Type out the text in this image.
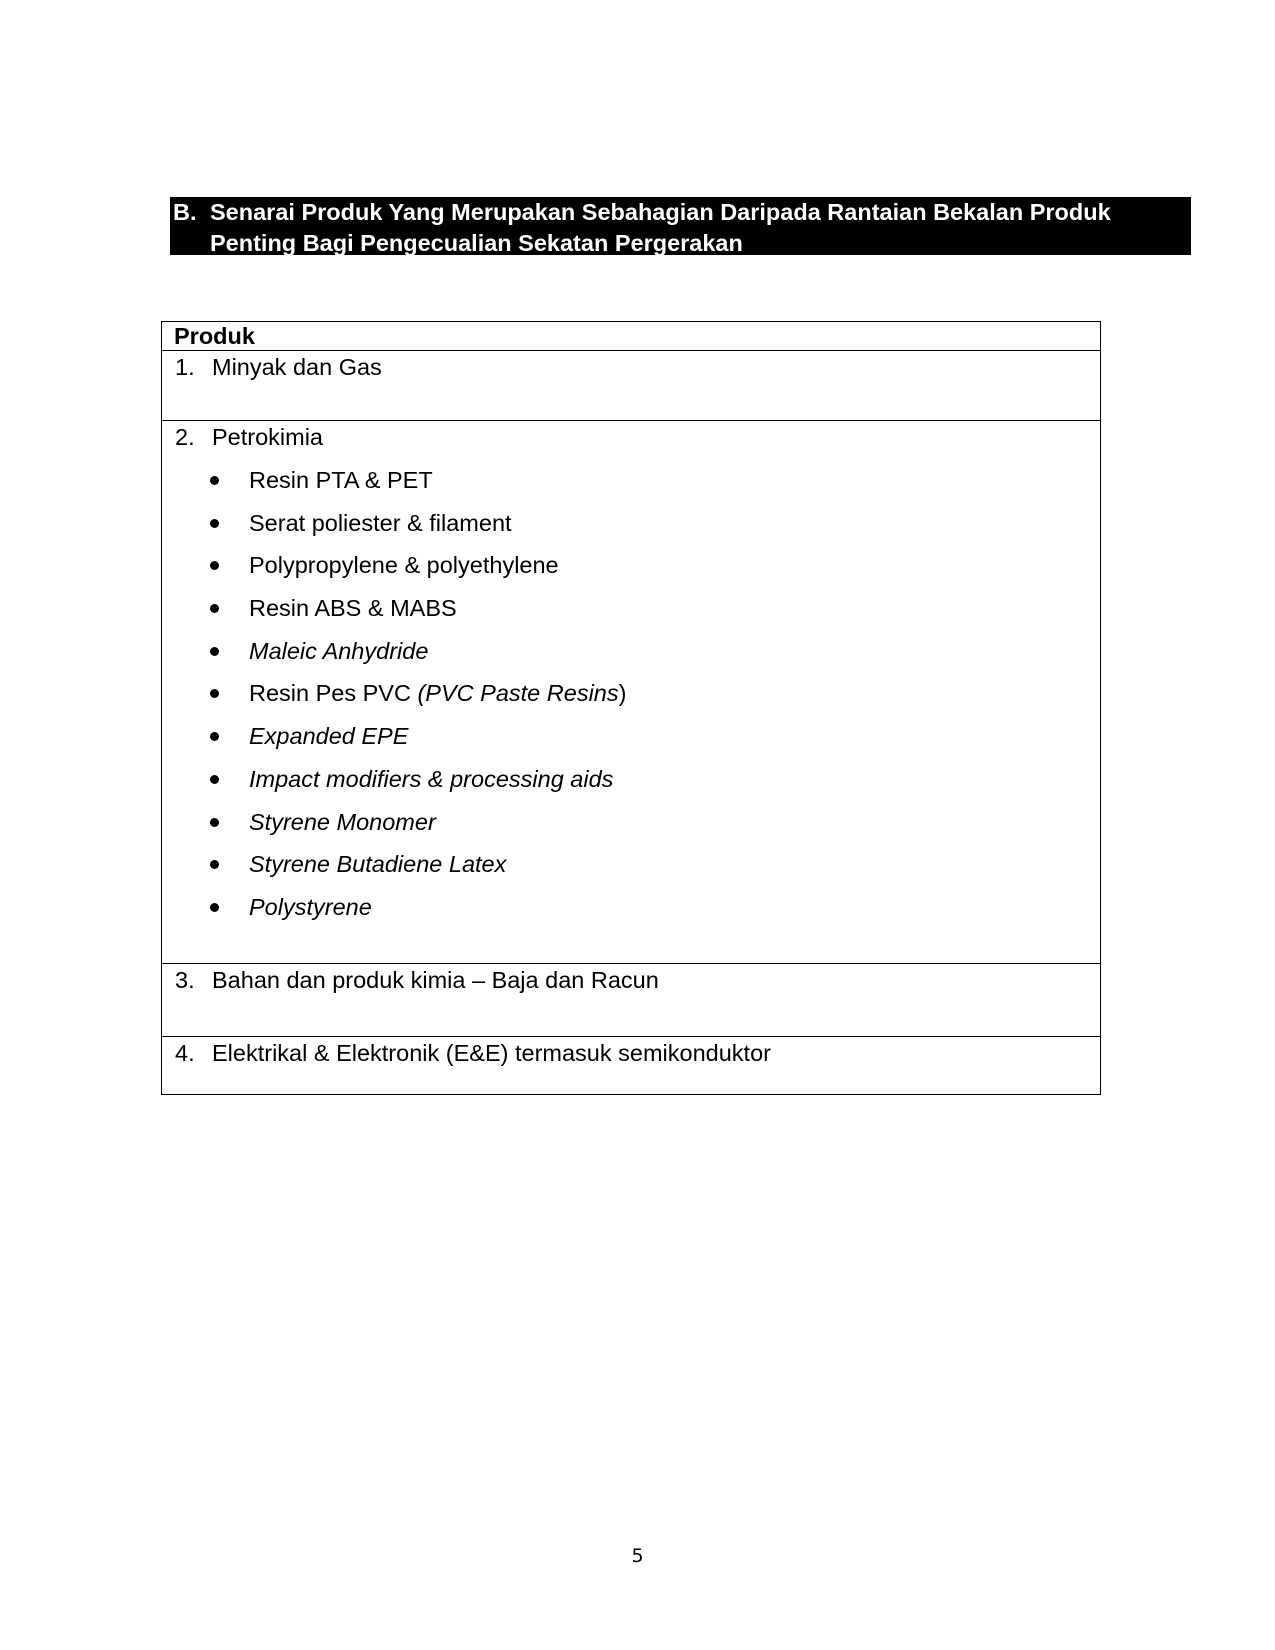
B. Senarai Produk Yang Merupakan Sebahagian Daripada Rantaian Bekalan Produk Penting Bagi Pengecualian Sekatan Pergerakan
Produk

1. Minyak dan Gas

2. Petrokimia
Resin PTA & PET
Serat poliester & filament
Polypropylene & polyethylene
Resin ABS & MABS
Maleic Anhydride
Resin Pes PVC (PVC Paste Resins)
Expanded EPE
Impact modifiers & processing aids
Styrene Monomer
Styrene Butadiene Latex
Polystyrene

3. Bahan dan produk kimia – Baja dan Racun

4. Elektrikal & Elektronik (E&E) termasuk semikonduktor
5
